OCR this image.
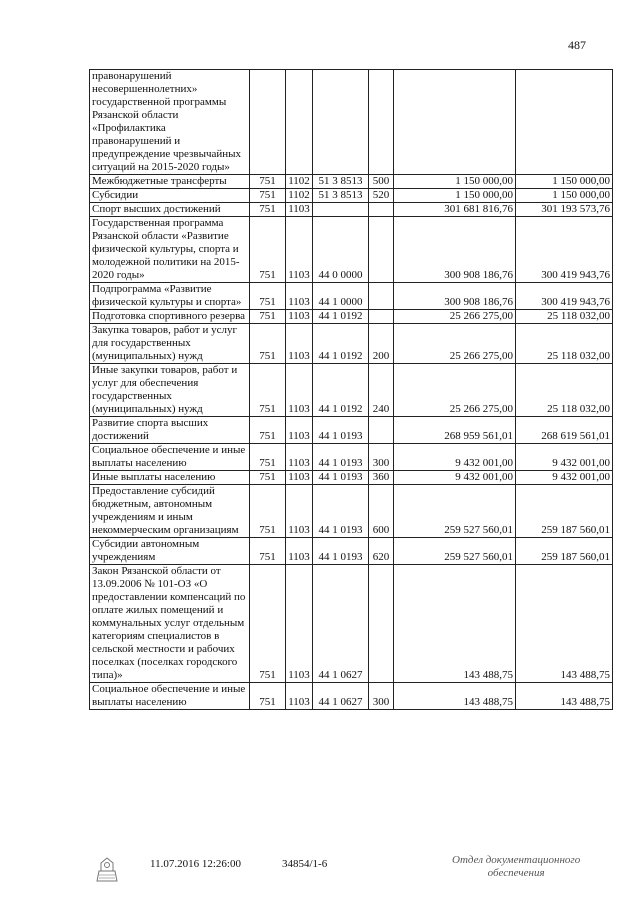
487
правонарушений несовершеннолетних» государственной программы Рязанской области «Профилактика правонарушений и предупреждение чрезвычайных ситуаций на 2015-2020 годы»						
Межбюджетные трансферты	751	1102	51 3 8513	500	1 150 000,00	1 150 000,00
Субсидии	751	1102	51 3 8513	520	1 150 000,00	1 150 000,00
Спорт высших достижений	751	1103			301 681 816,76	301 193 573,76
Государственная программа Рязанской области «Развитие физической культуры, спорта и молодежной политики на 2015-2020 годы»	751	1103	44 0 0000		300 908 186,76	300 419 943,76
Подпрограмма «Развитие физической культуры и спорта»	751	1103	44 1 0000		300 908 186,76	300 419 943,76
Подготовка спортивного резерва	751	1103	44 1 0192		25 266 275,00	25 118 032,00
Закупка товаров, работ и услуг для государственных (муниципальных) нужд	751	1103	44 1 0192	200	25 266 275,00	25 118 032,00
Иные закупки товаров, работ и услуг для обеспечения государственных (муниципальных) нужд	751	1103	44 1 0192	240	25 266 275,00	25 118 032,00
Развитие спорта высших достижений	751	1103	44 1 0193		268 959 561,01	268 619 561,01
Социальное обеспечение и иные выплаты населению	751	1103	44 1 0193	300	9 432 001,00	9 432 001,00
Иные выплаты населению	751	1103	44 1 0193	360	9 432 001,00	9 432 001,00
Предоставление субсидий бюджетным, автономным учреждениям и иным некоммерческим организациям	751	1103	44 1 0193	600	259 527 560,01	259 187 560,01
Субсидии автономным учреждениям	751	1103	44 1 0193	620	259 527 560,01	259 187 560,01
Закон Рязанской области от 13.09.2006 № 101-ОЗ «О предоставлении компенсаций по оплате жилых помещений и коммунальных услуг отдельным категориям специалистов в сельской местности и рабочих поселках (поселках городского типа)»	751	1103	44 1 0627		143 488,75	143 488,75
Социальное обеспечение и иные выплаты населению	751	1103	44 1 0627	300	143 488,75	143 488,75
11.07.2016 12:26:00	34854/1-6	Отдел документационного
обеспечения
